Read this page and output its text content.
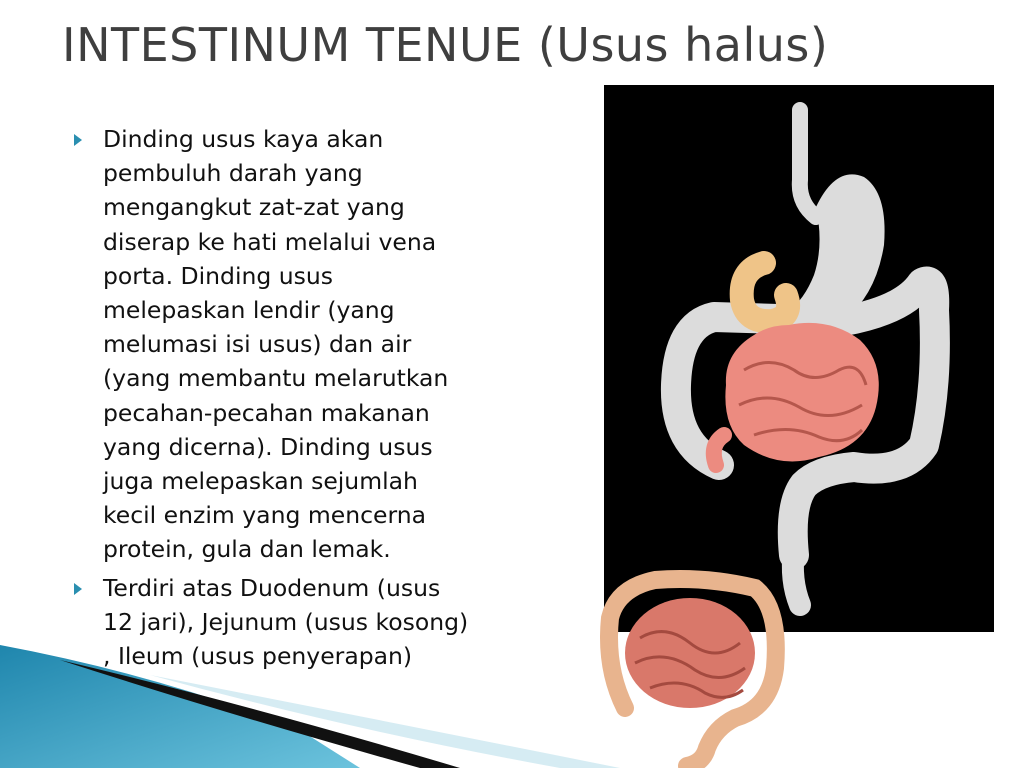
INTESTINUM TENUE (Usus halus)
Dinding usus kaya akan
pembuluh darah yang
mengangkut zat-zat yang
diserap ke hati melalui vena
porta. Dinding usus
melepaskan lendir (yang
melumasi isi usus) dan air
(yang membantu melarutkan
pecahan-pecahan makanan
yang dicerna). Dinding usus
juga melepaskan sejumlah
kecil enzim yang mencerna
protein, gula dan lemak.
Terdiri atas Duodenum (usus
12 jari), Jejunum (usus kosong)
, Ileum (usus penyerapan)
